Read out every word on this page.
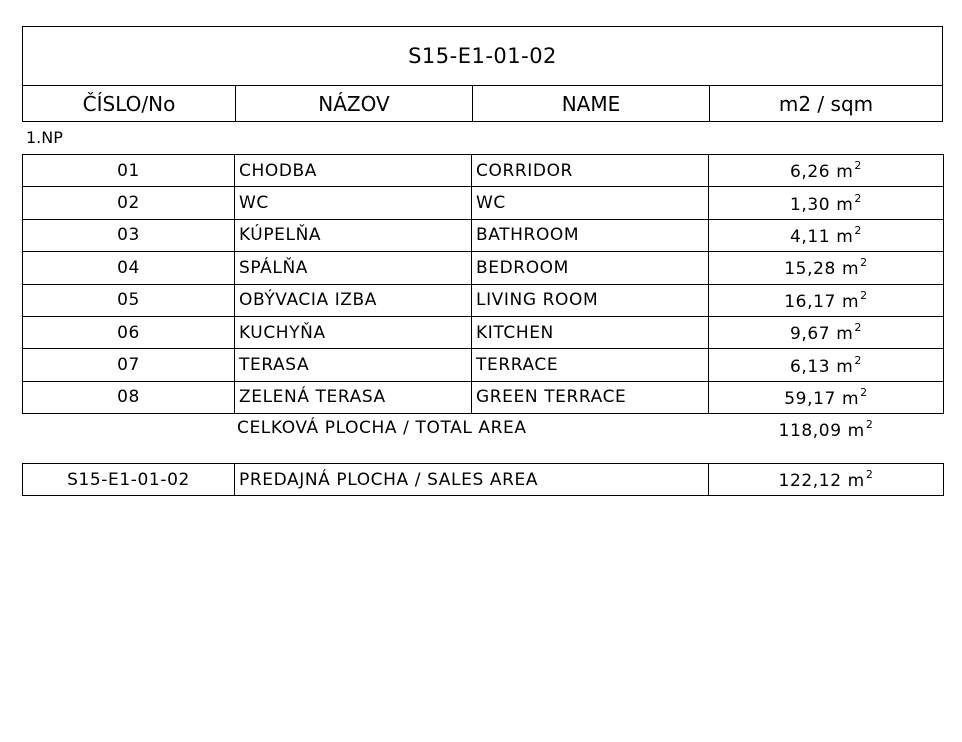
S15-E1-01-02
ČÍSLO/No	NÁZOV	NAME	m2 / sqm
1.NP
01	CHODBA	CORRIDOR	6,26 $m^2$
02	WC	WC	1,30 $m^2$
03	KÚPELŇA	BATHROOM	4,11 $m^2$
04	SPÁLŇA	BEDROOM	15,28 $m^2$
05	OBÝVACIA IZBA	LIVING ROOM	16,17 $m^2$
06	KUCHYŇA	KITCHEN	9,67 $m^2$
07	TERASA	TERRACE	6,13 $m^2$
08	ZELENÁ TERASA	GREEN TERRACE	59,17 $m^2$
CELKOVÁ PLOCHA / TOTAL AREA	118,09 $m^2$
S15-E1-01-02	PREDAJNÁ PLOCHA / SALES AREA	122,12 $m^2$
